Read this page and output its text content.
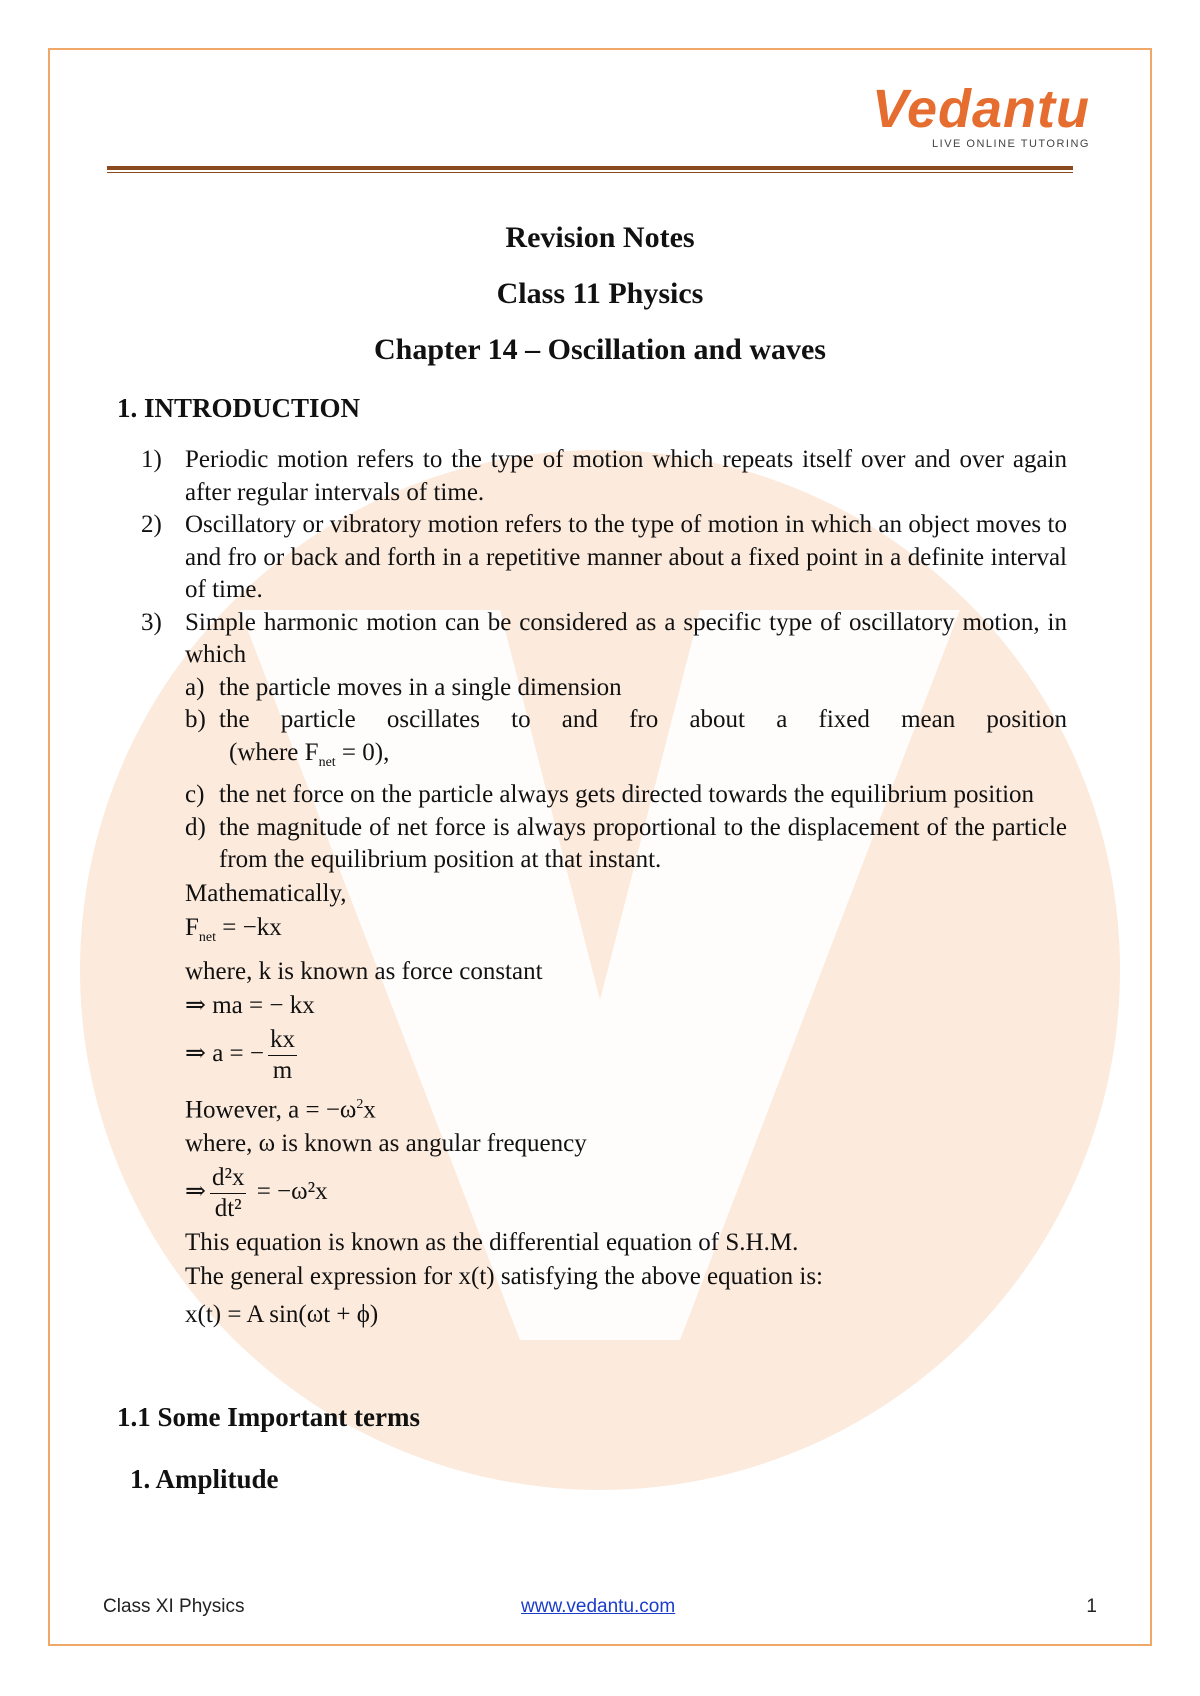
Vedantu
LIVE ONLINE TUTORING
Revision Notes
Class 11 Physics
Chapter 14 – Oscillation and waves
1. INTRODUCTION
1) Periodic motion refers to the type of motion which repeats itself over and over again after regular intervals of time.
2) Oscillatory or vibratory motion refers to the type of motion in which an object moves to and fro or back and forth in a repetitive manner about a fixed point in a definite interval of time.
3) Simple harmonic motion can be considered as a specific type of oscillatory motion, in which
a) the particle moves in a single dimension
b) the particle oscillates to and fro about a fixed mean position
(where $F_{net} = 0$),
c) the net force on the particle always gets directed towards the equilibrium position
d) the magnitude of net force is always proportional to the displacement of the particle from the equilibrium position at that instant.
Mathematically,
$F_{net} = -kx$
where, k is known as force constant
⇒ ma = − kx
⇒ a = − $\frac{kx}{m}$
However, $a = -\omega^2x$
where, ω is known as angular frequency
⇒ $\frac{\text{d²x}}{\text{dt²}} = -\omega^2x$
This equation is known as the differential equation of S.H.M.
The general expression for x(t) satisfying the above equation is:
x(t) = A sin(ωt + ϕ)
1.1 Some Important terms
1. Amplitude
Class XI Physics	www.vedantu.com	1
